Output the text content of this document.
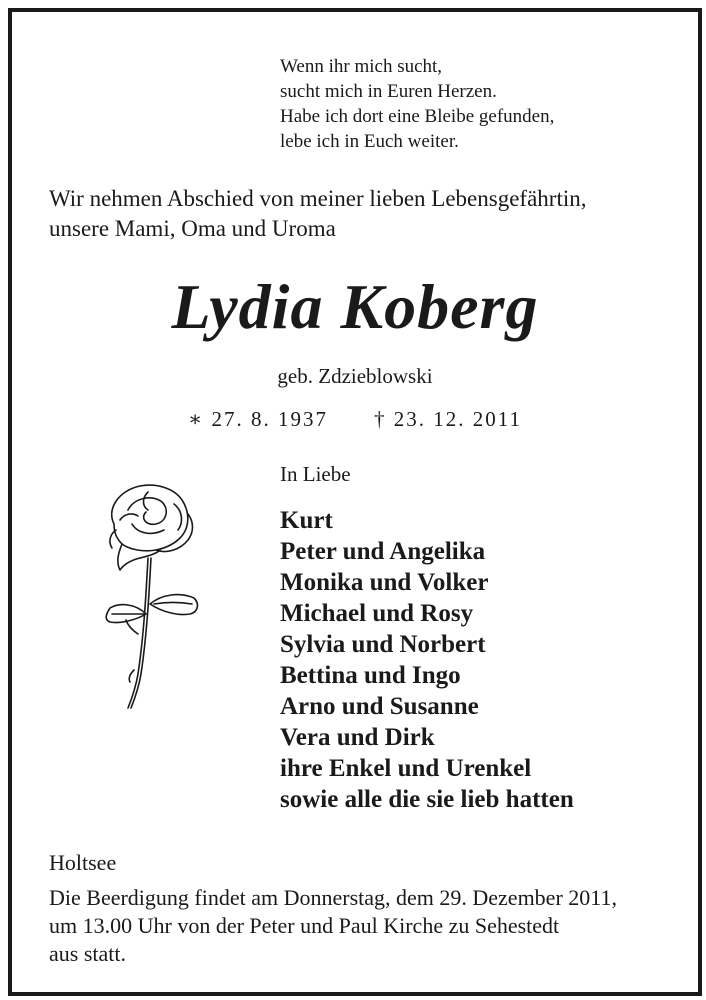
Wenn ihr mich sucht,
sucht mich in Euren Herzen.
Habe ich dort eine Bleibe gefunden,
lebe ich in Euch weiter.
Wir nehmen Abschied von meiner lieben Lebensgefährtin,
unsere Mami, Oma und Uroma
Lydia Koberg
geb. Zdzieblowski
∗ 27. 8. 1937 † 23. 12. 2011
In Liebe
Kurt
Peter und Angelika
Monika und Volker
Michael und Rosy
Sylvia und Norbert
Bettina und Ingo
Arno und Susanne
Vera und Dirk
ihre Enkel und Urenkel
sowie alle die sie lieb hatten
Holtsee
Die Beerdigung findet am Donnerstag, dem 29. Dezember 2011,
um 13.00 Uhr von der Peter und Paul Kirche zu Sehestedt
aus statt.
